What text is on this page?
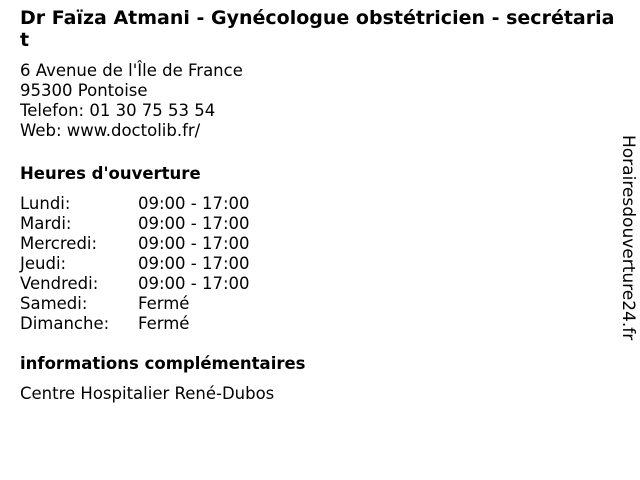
Dr Faïza Atmani - Gynécologue obstétricien - secrétariat
6 Avenue de l'Île de France
95300 Pontoise
Telefon: 01 30 75 53 54
Web: www.doctolib.fr/
Heures d'ouverture
Lundi:	09:00 - 17:00
Mardi:	09:00 - 17:00
Mercredi:	09:00 - 17:00
Jeudi:	09:00 - 17:00
Vendredi:	09:00 - 17:00
Samedi:	Fermé
Dimanche:	Fermé
informations complémentaires
Centre Hospitalier René-Dubos
Horairesdouverture24.fr
